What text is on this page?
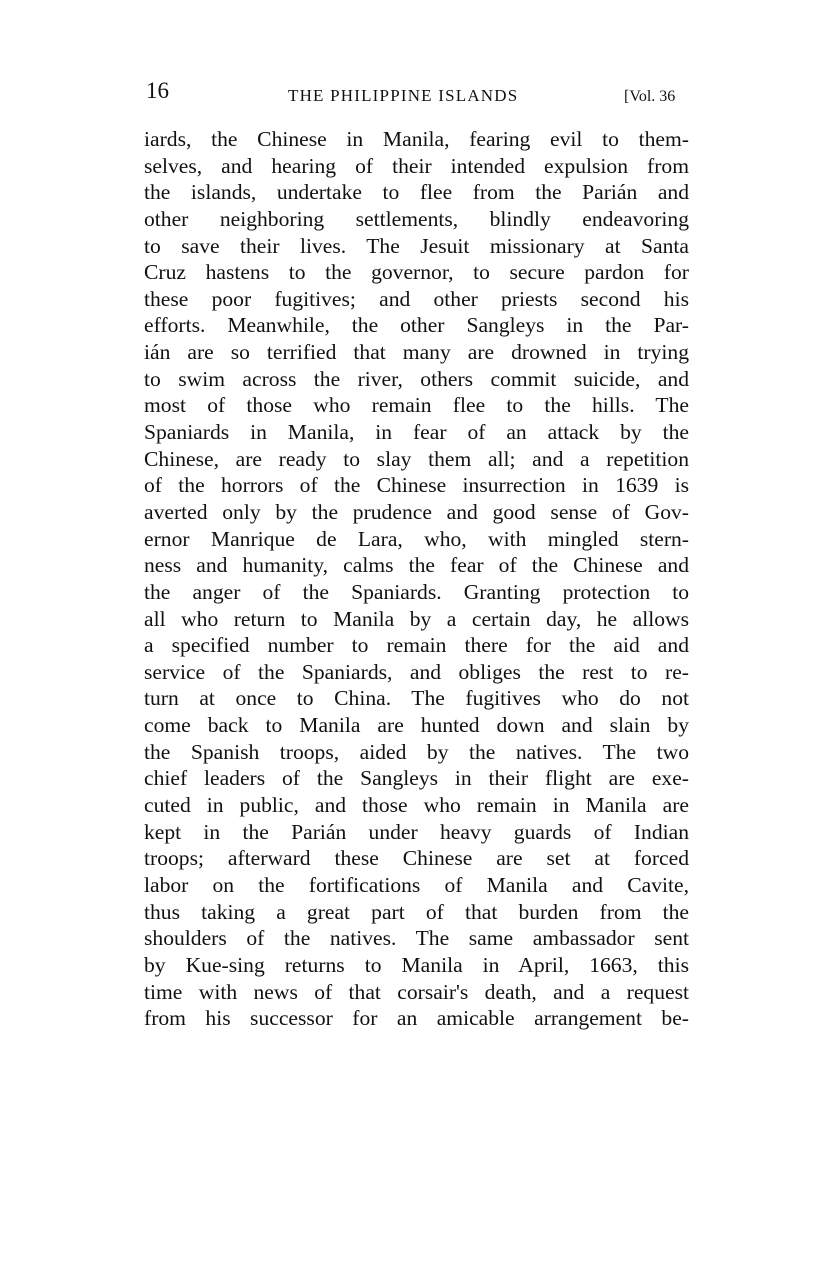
16	THE PHILIPPINE ISLANDS	[Vol. 36
iards, the Chinese in Manila, fearing evil to them-
selves, and hearing of their intended expulsion from
the islands, undertake to flee from the Parián and
other neighboring settlements, blindly endeavoring
to save their lives. The Jesuit missionary at Santa
Cruz hastens to the governor, to secure pardon for
these poor fugitives; and other priests second his
efforts. Meanwhile, the other Sangleys in the Par-
ián are so terrified that many are drowned in trying
to swim across the river, others commit suicide, and
most of those who remain flee to the hills. The
Spaniards in Manila, in fear of an attack by the
Chinese, are ready to slay them all; and a repetition
of the horrors of the Chinese insurrection in 1639 is
averted only by the prudence and good sense of Gov-
ernor Manrique de Lara, who, with mingled stern-
ness and humanity, calms the fear of the Chinese and
the anger of the Spaniards. Granting protection to
all who return to Manila by a certain day, he allows
a specified number to remain there for the aid and
service of the Spaniards, and obliges the rest to re-
turn at once to China. The fugitives who do not
come back to Manila are hunted down and slain by
the Spanish troops, aided by the natives. The two
chief leaders of the Sangleys in their flight are exe-
cuted in public, and those who remain in Manila are
kept in the Parián under heavy guards of Indian
troops; afterward these Chinese are set at forced
labor on the fortifications of Manila and Cavite,
thus taking a great part of that burden from the
shoulders of the natives. The same ambassador sent
by Kue-sing returns to Manila in April, 1663, this
time with news of that corsair's death, and a request
from his successor for an amicable arrangement be-
